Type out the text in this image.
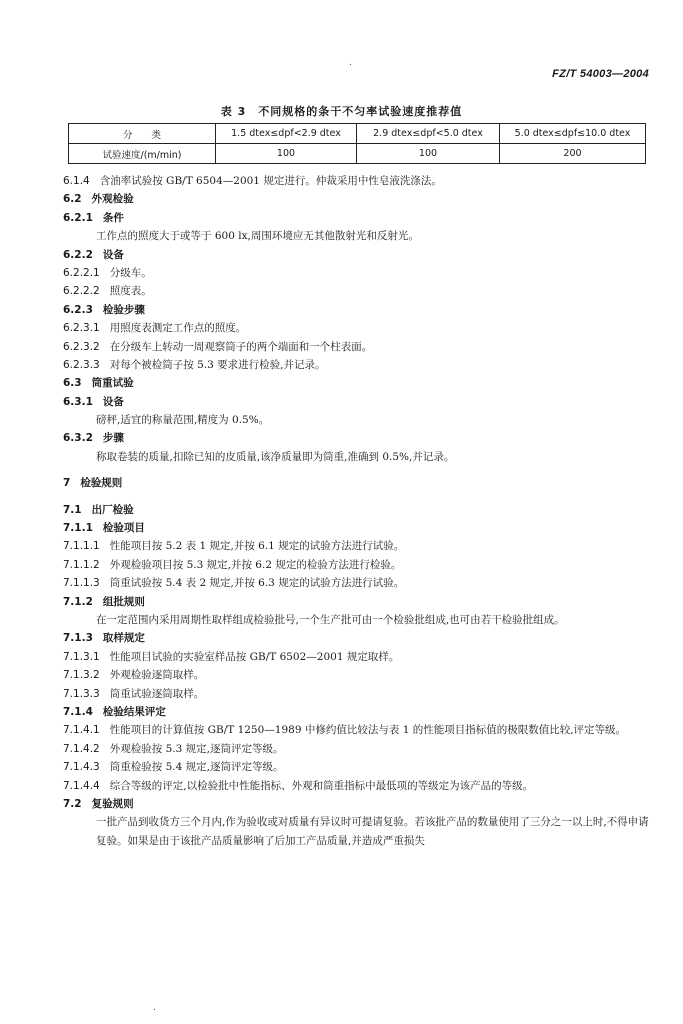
FZ/T 54003—2004
表 3　不同规格的条干不匀率试验速度推荐值
分　　类	1.5 dtex≤dpf<2.9 dtex	2.9 dtex≤dpf<5.0 dtex	5.0 dtex≤dpf≤10.0 dtex
试验速度/(m/min)	100	100	200
6.1.4 含油率试验按 GB/T 6504—2001 规定进行。仲裁采用中性皂液洗涤法。
6.2 外观检验
6.2.1 条件
工作点的照度大于或等于 600 lx,周围环境应无其他散射光和反射光。
6.2.2 设备
6.2.2.1 分级车。
6.2.2.2 照度表。
6.2.3 检验步骤
6.2.3.1 用照度表测定工作点的照度。
6.2.3.2 在分级车上转动一周观察筒子的两个端面和一个柱表面。
6.2.3.3 对每个被检筒子按 5.3 要求进行检验,并记录。
6.3 筒重试验
6.3.1 设备
磅秤,适宜的称量范围,精度为 0.5%。
6.3.2 步骤
称取卷装的质量,扣除已知的皮质量,该净质量即为筒重,准确到 0.5%,并记录。
7 检验规则
7.1 出厂检验
7.1.1 检验项目
7.1.1.1 性能项目按 5.2 表 1 规定,并按 6.1 规定的试验方法进行试验。
7.1.1.2 外观检验项目按 5.3 规定,并按 6.2 规定的检验方法进行检验。
7.1.1.3 筒重试验按 5.4 表 2 规定,并按 6.3 规定的试验方法进行试验。
7.1.2 组批规则
在一定范围内采用周期性取样组成检验批号,一个生产批可由一个检验批组成,也可由若干检验批组成。
7.1.3 取样规定
7.1.3.1 性能项目试验的实验室样品按 GB/T 6502—2001 规定取样。
7.1.3.2 外观检验逐筒取样。
7.1.3.3 筒重试验逐筒取样。
7.1.4 检验结果评定
7.1.4.1 性能项目的计算值按 GB/T 1250—1989 中修约值比较法与表 1 的性能项目指标值的极限数值比较,评定等级。
7.1.4.2 外观检验按 5.3 规定,逐筒评定等级。
7.1.4.3 筒重检验按 5.4 规定,逐筒评定等级。
7.1.4.4 综合等级的评定,以检验批中性能指标、外观和筒重指标中最低项的等级定为该产品的等级。
7.2 复验规则
一批产品到收货方三个月内,作为验收或对质量有异议时可提请复验。若该批产品的数量使用了三分之一以上时,不得申请复验。如果是由于该批产品质量影响了后加工产品质量,并造成严重损失
.
.
